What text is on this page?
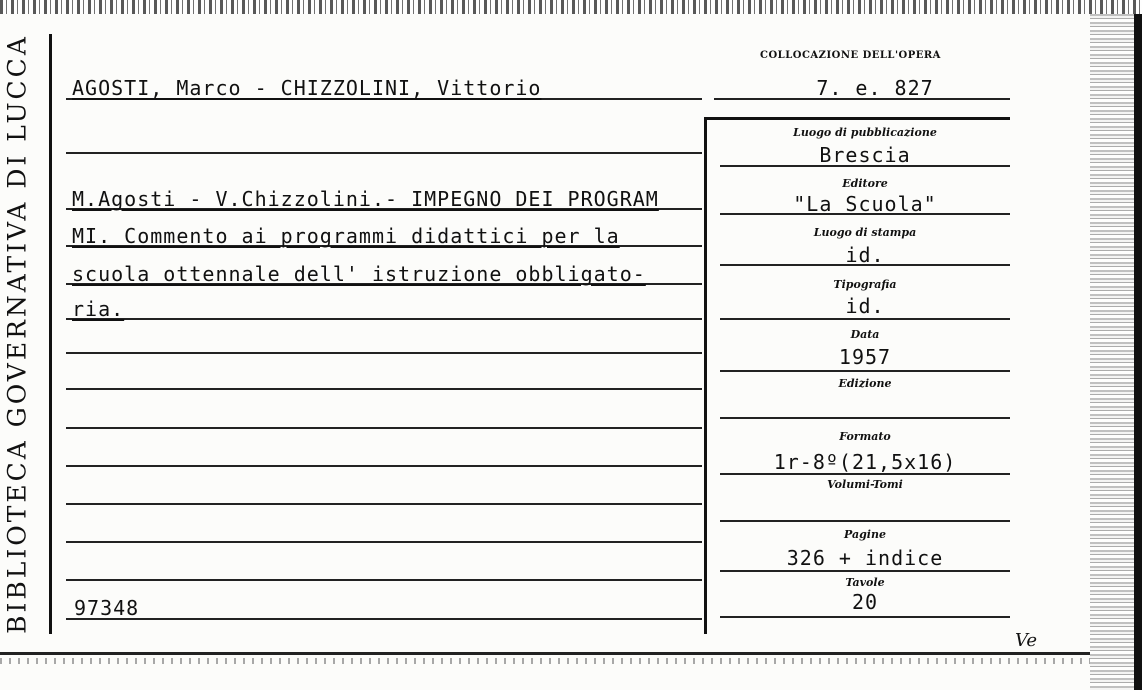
BIBLIOTECA GOVERNATIVA DI LUCCA	COLLOCAZIONE DELL'OPERA
7. e. 827
AGOSTI, Marco - CHIZZOLINI, Vittorio
M.Agosti - V.Chizzolini.- IMPEGNO DEI PROGRAM
MI. Commento ai programmi didattici per la
scuola ottennale dell' istruzione obbligato-
ria.
Luogo di pubblicazione
Brescia
Editore
"La Scuola"
Luogo di stampa
id.
Tipografia
id.
Data
1957
Edizione
Formato
1r-8º(21,5x16)
Volumi-Tomi
Pagine
326 + indice
Tavole
20
97348
Ve
